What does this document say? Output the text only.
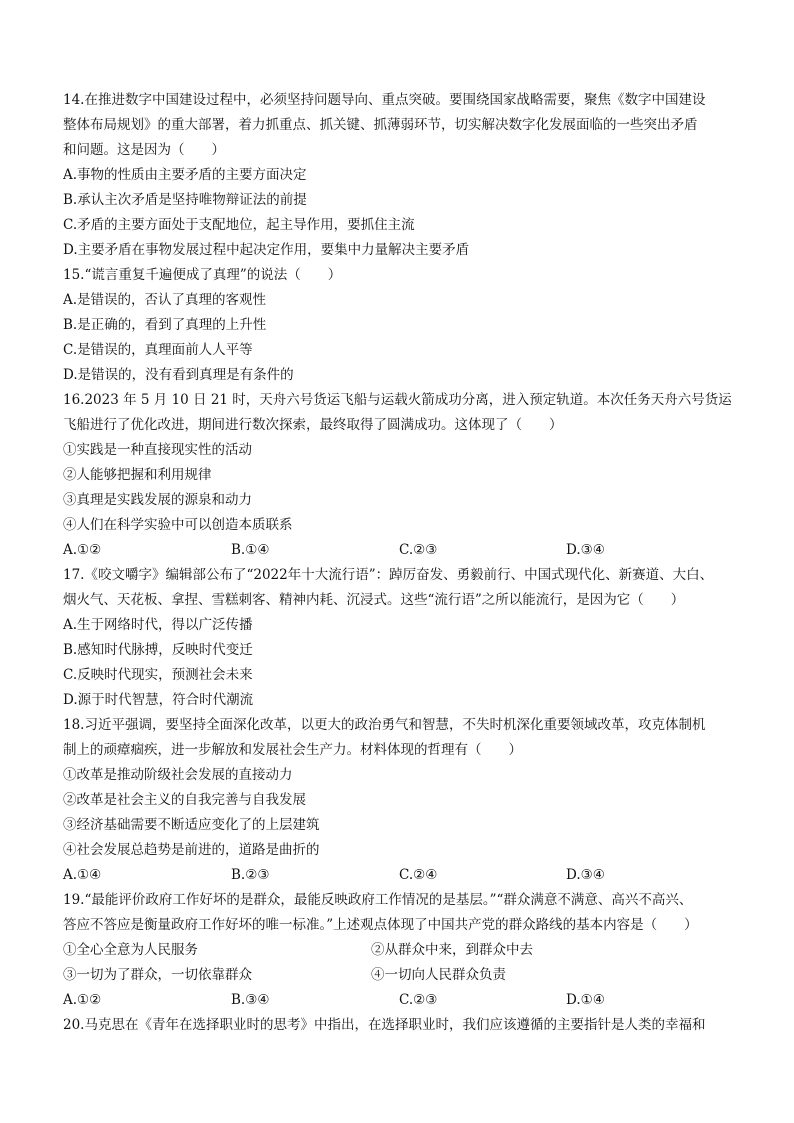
14.在推进数字中国建设过程中，必须坚持问题导向、重点突破。要围绕国家战略需要，聚焦《数字中国建设
整体布局规划》的重大部署，着力抓重点、抓关键、抓薄弱环节，切实解决数字化发展面临的一些突出矛盾
和问题。这是因为（　　）
A.事物的性质由主要矛盾的主要方面决定
B.承认主次矛盾是坚持唯物辩证法的前提
C.矛盾的主要方面处于支配地位，起主导作用，要抓住主流
D.主要矛盾在事物发展过程中起决定作用，要集中力量解决主要矛盾
15.“谎言重复千遍便成了真理”的说法（　　）
A.是错误的，否认了真理的客观性
B.是正确的，看到了真理的上升性
C.是错误的，真理面前人人平等
D.是错误的，没有看到真理是有条件的
16.2023 年 5 月 10 日 21 时，天舟六号货运飞船与运载火箭成功分离，进入预定轨道。本次任务天舟六号货运
飞船进行了优化改进，期间进行数次探索，最终取得了圆满成功。这体现了（　　）
①实践是一种直接现实性的活动
②人能够把握和利用规律
③真理是实践发展的源泉和动力
④人们在科学实验中可以创造本质联系
A.①②	B.①④	C.②③	D.③④
17.《咬文嚼字》编辑部公布了“2022年十大流行语”：踔厉奋发、勇毅前行、中国式现代化、新赛道、大白、
烟火气、天花板、拿捏、雪糕刺客、精神内耗、沉浸式。这些“流行语”之所以能流行，是因为它（　　）
A.生于网络时代，得以广泛传播
B.感知时代脉搏，反映时代变迁
C.反映时代现实，预测社会未来
D.源于时代智慧，符合时代潮流
18.习近平强调，要坚持全面深化改革，以更大的政治勇气和智慧，不失时机深化重要领域改革，攻克体制机
制上的顽瘴痼疾，进一步解放和发展社会生产力。材料体现的哲理有（　　）
①改革是推动阶级社会发展的直接动力
②改革是社会主义的自我完善与自我发展
③经济基础需要不断适应变化了的上层建筑
④社会发展总趋势是前进的，道路是曲折的
A.①④	B.②③	C.②④	D.③④
19.“最能评价政府工作好坏的是群众，最能反映政府工作情况的是基层。”“群众满意不满意、高兴不高兴、
答应不答应是衡量政府工作好坏的唯一标准。”上述观点体现了中国共产党的群众路线的基本内容是（　　）
①全心全意为人民服务	②从群众中来，到群众中去
③一切为了群众，一切依靠群众	④一切向人民群众负责
A.①②	B.③④	C.②③	D.①④
20.马克思在《青年在选择职业时的思考》中指出，在选择职业时，我们应该遵循的主要指针是人类的幸福和
